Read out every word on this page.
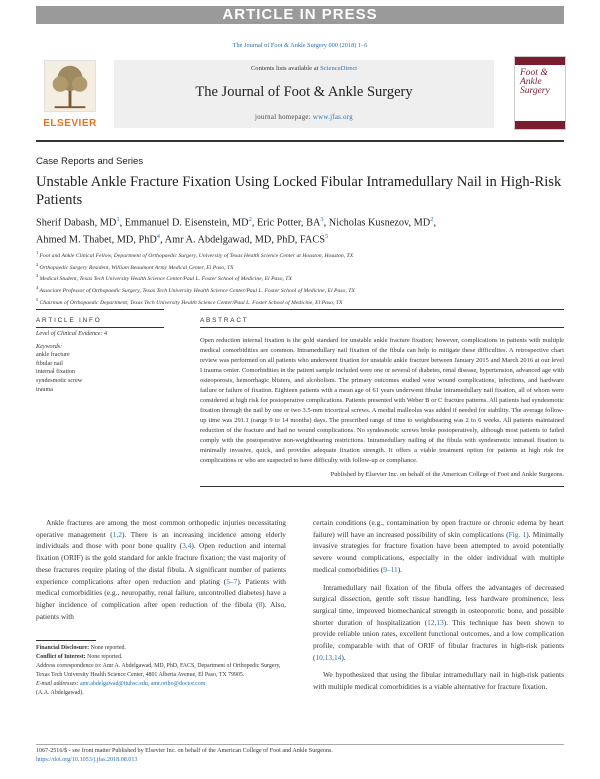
ARTICLE IN PRESS
The Journal of Foot & Ankle Surgery 000 (2018) 1–6
ELSEVIER
Contents lists available at ScienceDirect
The Journal of Foot & Ankle Surgery
journal homepage: www.jfas.org
Foot & Ankle Surgery
Case Reports and Series
Unstable Ankle Fracture Fixation Using Locked Fibular Intramedullary Nail in High-Risk Patients
Sherif Dabash, $MD^1$, Emmanuel D. Eisenstein, $MD^2$, Eric Potter, $BA^3$, Nicholas Kusnezov, $MD^2$,
Ahmed M. Thabet, MD, PhD$^4$, Amr A. Abdelgawad, MD, PhD, FACS$^5$
$^1$ Foot and Ankle Clinical Fellow, Department of Orthopaedic Surgery, University of Texas Health Science Center at Houston, Houston, TX
$^2$ Orthopaedic Surgery Resident, William Beaumont Army Medical Center, El Paso, TX
$^3$ Medical Student, Texas Tech University Health Science Center/Paul L. Foster School of Medicine, El Paso, TX
$^4$ Associate Professor of Orthopaedic Surgery, Texas Tech University Health Science Center/Paul L. Foster School of Medicine, El Paso, TX
$^5$ Chairman of Orthopaedic Department, Texas Tech University Health Science Center/Paul L. Foster School of Medicine, El Paso, TX
ARTICLE INFO	ABSTRACT
Level of Clinical Evidence: 4
Keywords:
ankle fracture
fibular nail
internal fixation
syndesmotic screw
trauma
Open reduction internal fixation is the gold standard for unstable ankle fracture fixation; however, complications in patients with multiple medical comorbidities are common. Intramedullary nail fixation of the fibula can help to mitigate these difficulties. A retrospective chart review was performed on all patients who underwent fixation for unstable ankle fracture between January 2015 and March 2016 at our level I trauma center. Comorbidities in the patient sample included were one or several of diabetes, renal disease, hypertension, advanced age with osteoporosis, hemorrhagic blisters, and alcoholism. The primary outcomes studied were wound complications, infections, and hardware failure or failure of fixation. Eighteen patients with a mean age of 61 years underwent fibular intramedullary nail fixation, all of whom were considered at high risk for postoperative complications. Patients presented with Weber B or C fracture patterns. All patients had syndesmotic fixation through the nail by one or two 3.5-mm tricortical screws. A medial malleolus was added if needed for stability. The average follow-up time was 291.1 (range 9 to 14 months) days. The prescribed range of time to weightbearing was 2 to 6 weeks. All patients maintained reduction of the fracture and had no wound complications. No syndesmotic screws broke postoperatively, although most patients to failed comply with the postoperative non-weightbearing restrictions. Intramedullary nailing of the fibula with syndesmotic intranail fixation is minimally invasive, quick, and provides adequate fixation strength. It offers a viable treatment option for patients at high risk for complications or who are suspected to have difficulty with follow-up or compliance.
Published by Elsevier Inc. on behalf of the American College of Foot and Ankle Surgeons.

Ankle fractures are among the most common orthopedic injuries necessitating operative management (1,2). There is an increasing incidence among elderly individuals and those with poor bone quality (3,4). Open reduction and internal fixation (ORIF) is the gold standard for ankle fracture fixation; the vast majority of these fractures require plating of the distal fibula. A significant number of patients experience complications after open reduction and plating (5–7). Patients with medical comorbidities (e.g., neuropathy, renal failure, uncontrolled diabetes) have a higher incidence of complication after open reduction of the fibula (8). Also, patients with

certain conditions (e.g., contamination by open fracture or chronic edema by heart failure) will have an increased possibility of skin complications (Fig. 1). Minimally invasive strategies for fracture fixation have been attempted to avoid potentially severe wound complications, especially in the older individual with multiple medical comorbidities (9–11).

Intramedullary nail fixation of the fibula offers the advantages of decreased surgical dissection, gentle soft tissue handling, less hardware prominence, less surgical time, improved biomechanical strength in osteoporotic bone, and possible shorter duration of hospitalization (12,13). This technique has been shown to provide reliable union rates, excellent functional outcomes, and a low complication profile, comparable with that of ORIF of fibular fractures in high-risk patients (10,13,14).

We hypothesized that using the fibular intramedullary nail in high-risk patients with multiple medical comorbidities is a viable alternative for fracture fixation.

Financial Disclosure: None reported.
Conflict of Interest: None reported.
Address correspondence to: Amr A. Abdelgawad, MD, PhD, FACS, Department of Orthopedic Surgery, Texas Tech University Health Science Center, 4801 Alberta Avenue, El Paso, TX 79905.
E-mail addresses: amr.abdelgawad@ttuhsc.edu, amr.ortho@doctor.com
(A.A. Abdelgawad).
1067-2516/$ - see front matter Published by Elsevier Inc. on behalf of the American College of Foot and Ankle Surgeons.
https://doi.org/10.1053/j.jfas.2018.08.013
